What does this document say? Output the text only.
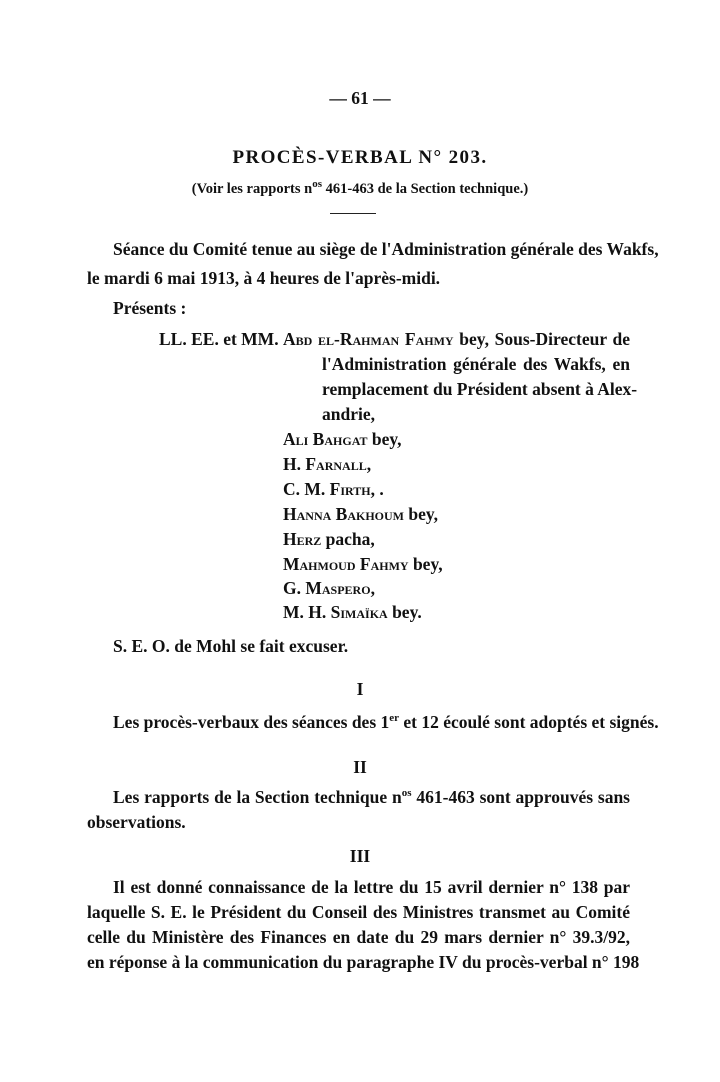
— 61 —
PROCÈS-VERBAL N° 203.
(Voir les rapports $n^{os}$ 461-463 de la Section technique.)
Séance du Comité tenue au siège de l'Administration générale des Wakfs,
le mardi 6 mai 1913, à 4 heures de l'après-midi.
Présents :
LL. EE. et MM. Abd el-Rahman Fahmy bey, Sous-Directeur de
l'Administration générale des Wakfs, en
remplacement du Président absent à Alex-
andrie,
Ali Bahgat bey,
H. Farnall,
C. M. Firth, .
Hanna Bakhoum bey,
Herz pacha,
Mahmoud Fahmy bey,
G. Maspero,
M. H. Simaïka bey.
S. E. O. de Mohl se fait excuser.
I
Les procès-verbaux des séances des 1er et 12 écoulé sont adoptés et signés.
II
Les rapports de la Section technique $n^{os}$ 461-463 sont approuvés sans
observations.
III
Il est donné connaissance de la lettre du 15 avril dernier n° 138 par
laquelle S. E. le Président du Conseil des Ministres transmet au Comité
celle du Ministère des Finances en date du 29 mars dernier n° 39.3/92,
en réponse à la communication du paragraphe IV du procès-verbal n° 198
